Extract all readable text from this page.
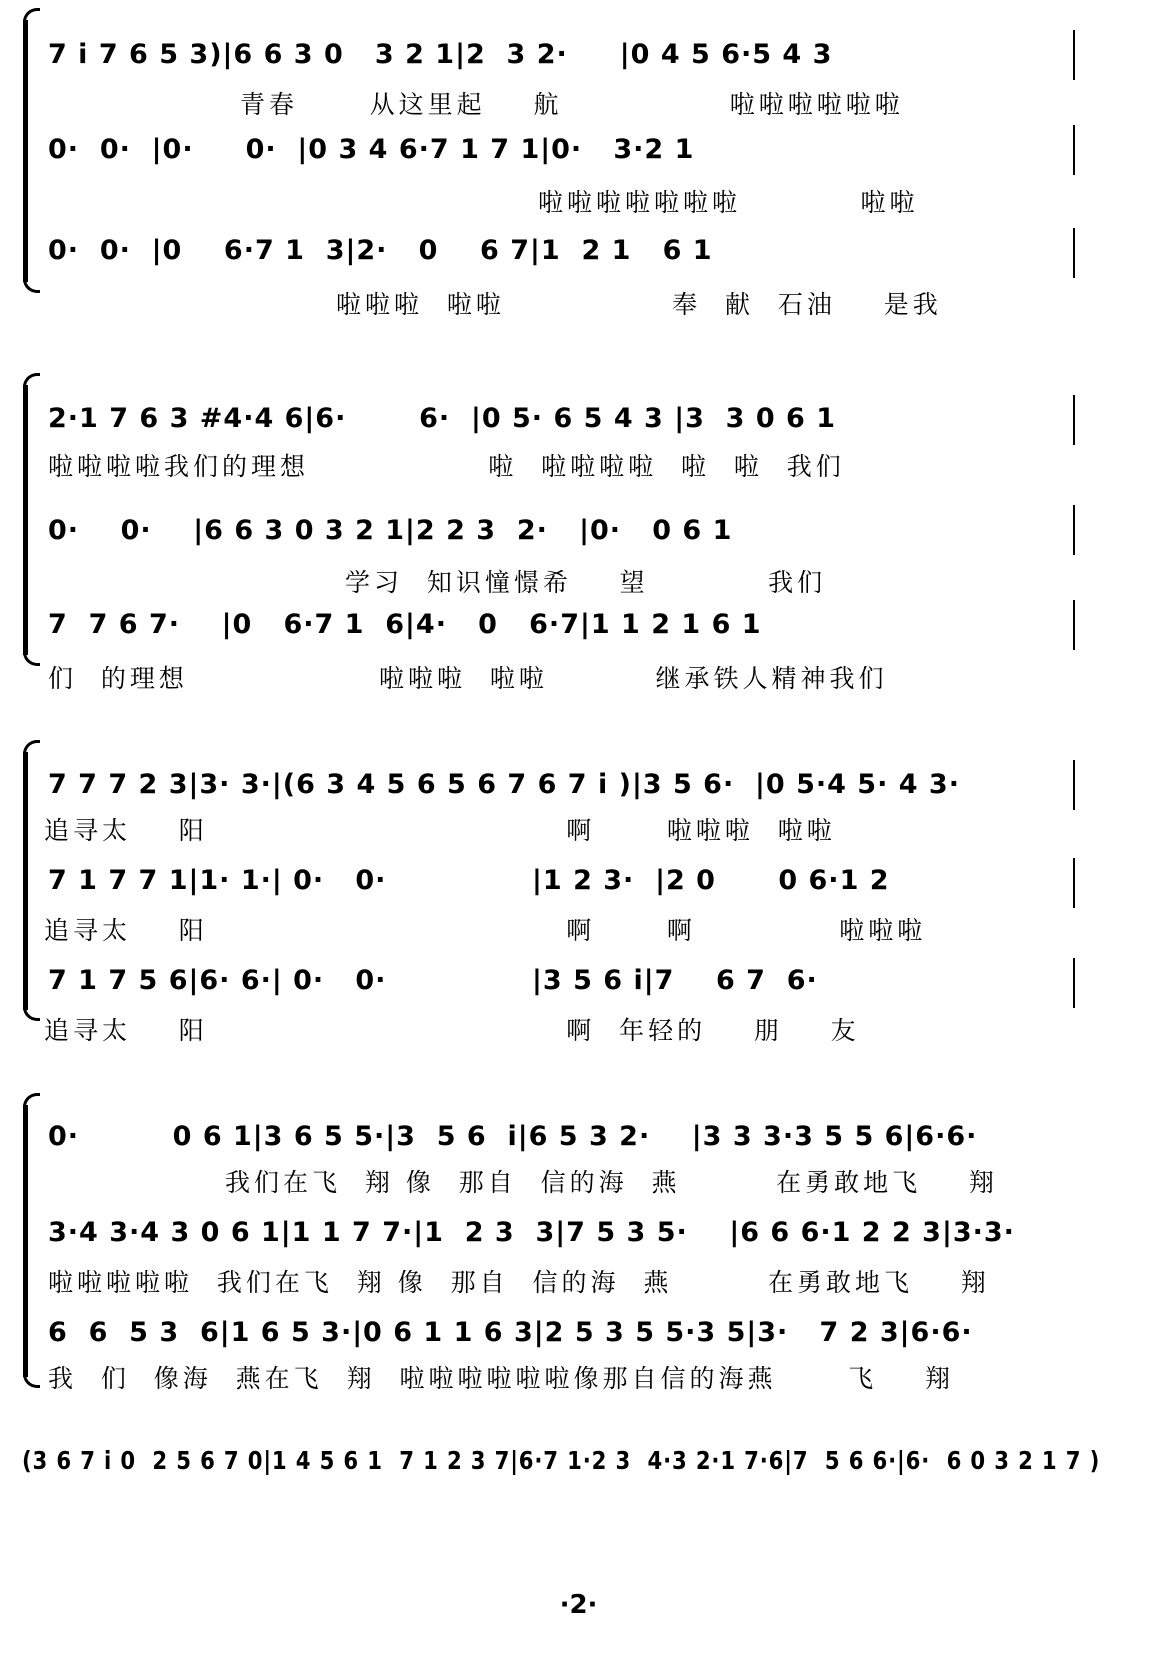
7 i 7 6 5 3)|6 6 3 0   3 2 1|2  3 2·     |0 4 5 6·5 4 3
青春      从这里起    航              啦啦啦啦啦啦
0·  0·  |0·     0·  |0 3 4 6·7 1 7 1|0·   3·2 1
啦啦啦啦啦啦啦          啦啦
0·  0·  |0    6·7 1  3|2·   0    6 7|1  2 1   6 1
啦啦啦  啦啦              奉  献  石油    是我
2·1 7 6 3 #4·4 6|6·       6·  |0 5· 6 5 4 3 |3  3 0 6 1
啦啦啦啦我们的理想               啦  啦啦啦啦  啦  啦  我们
0·    0·    |6 6 3 0 3 2 1|2 2 3  2·   |0·   0 6 1
学习  知识憧憬希    望          我们
7  7 6 7·    |0   6·7 1  6|4·   0   6·7|1 1 2 1 6 1
们  的理想                啦啦啦  啦啦         继承铁人精神我们
7 7 7 2 3|3· 3·|(6 3 4 5 6 5 6 7 6 7 i )|3 5 6·  |0 5·4 5· 4 3·
追寻太    阳                              啊      啦啦啦  啦啦
7 1 7 7 1|1· 1·| 0·   0·              |1 2 3·  |2 0      0 6·1 2
追寻太    阳                              啊      啊            啦啦啦
7 1 7 5 6|6· 6·| 0·   0·              |3 5 6 i|7    6 7  6·
追寻太    阳                              啊  年轻的    朋    友
0·         0 6 1|3 6 5 5·|3  5 6  i|6 5 3 2·    |3 3 3·3 5 5 6|6·6·
我们在飞  翔 像  那自  信的海  燕        在勇敢地飞    翔
3·4 3·4 3 0 6 1|1 1 7 7·|1  2 3  3|7 5 3 5·    |6 6 6·1 2 2 3|3·3·
啦啦啦啦啦  我们在飞  翔 像  那自  信的海  燕        在勇敢地飞    翔
6  6  5 3  6|1 6 5 3·|0 6 1 1 6 3|2 5 3 5 5·3 5|3·   7 2 3|6·6·
我  们  像海  燕在飞  翔  啦啦啦啦啦啦像那自信的海燕      飞    翔
(3 6 7 i 0  2 5 6 7 0|1 4 5 6 1  7 1 2 3 7|6·7 1·2 3  4·3 2·1 7·6|7  5 6 6·|6·  6 0 3 2 1 7 )
·2·
